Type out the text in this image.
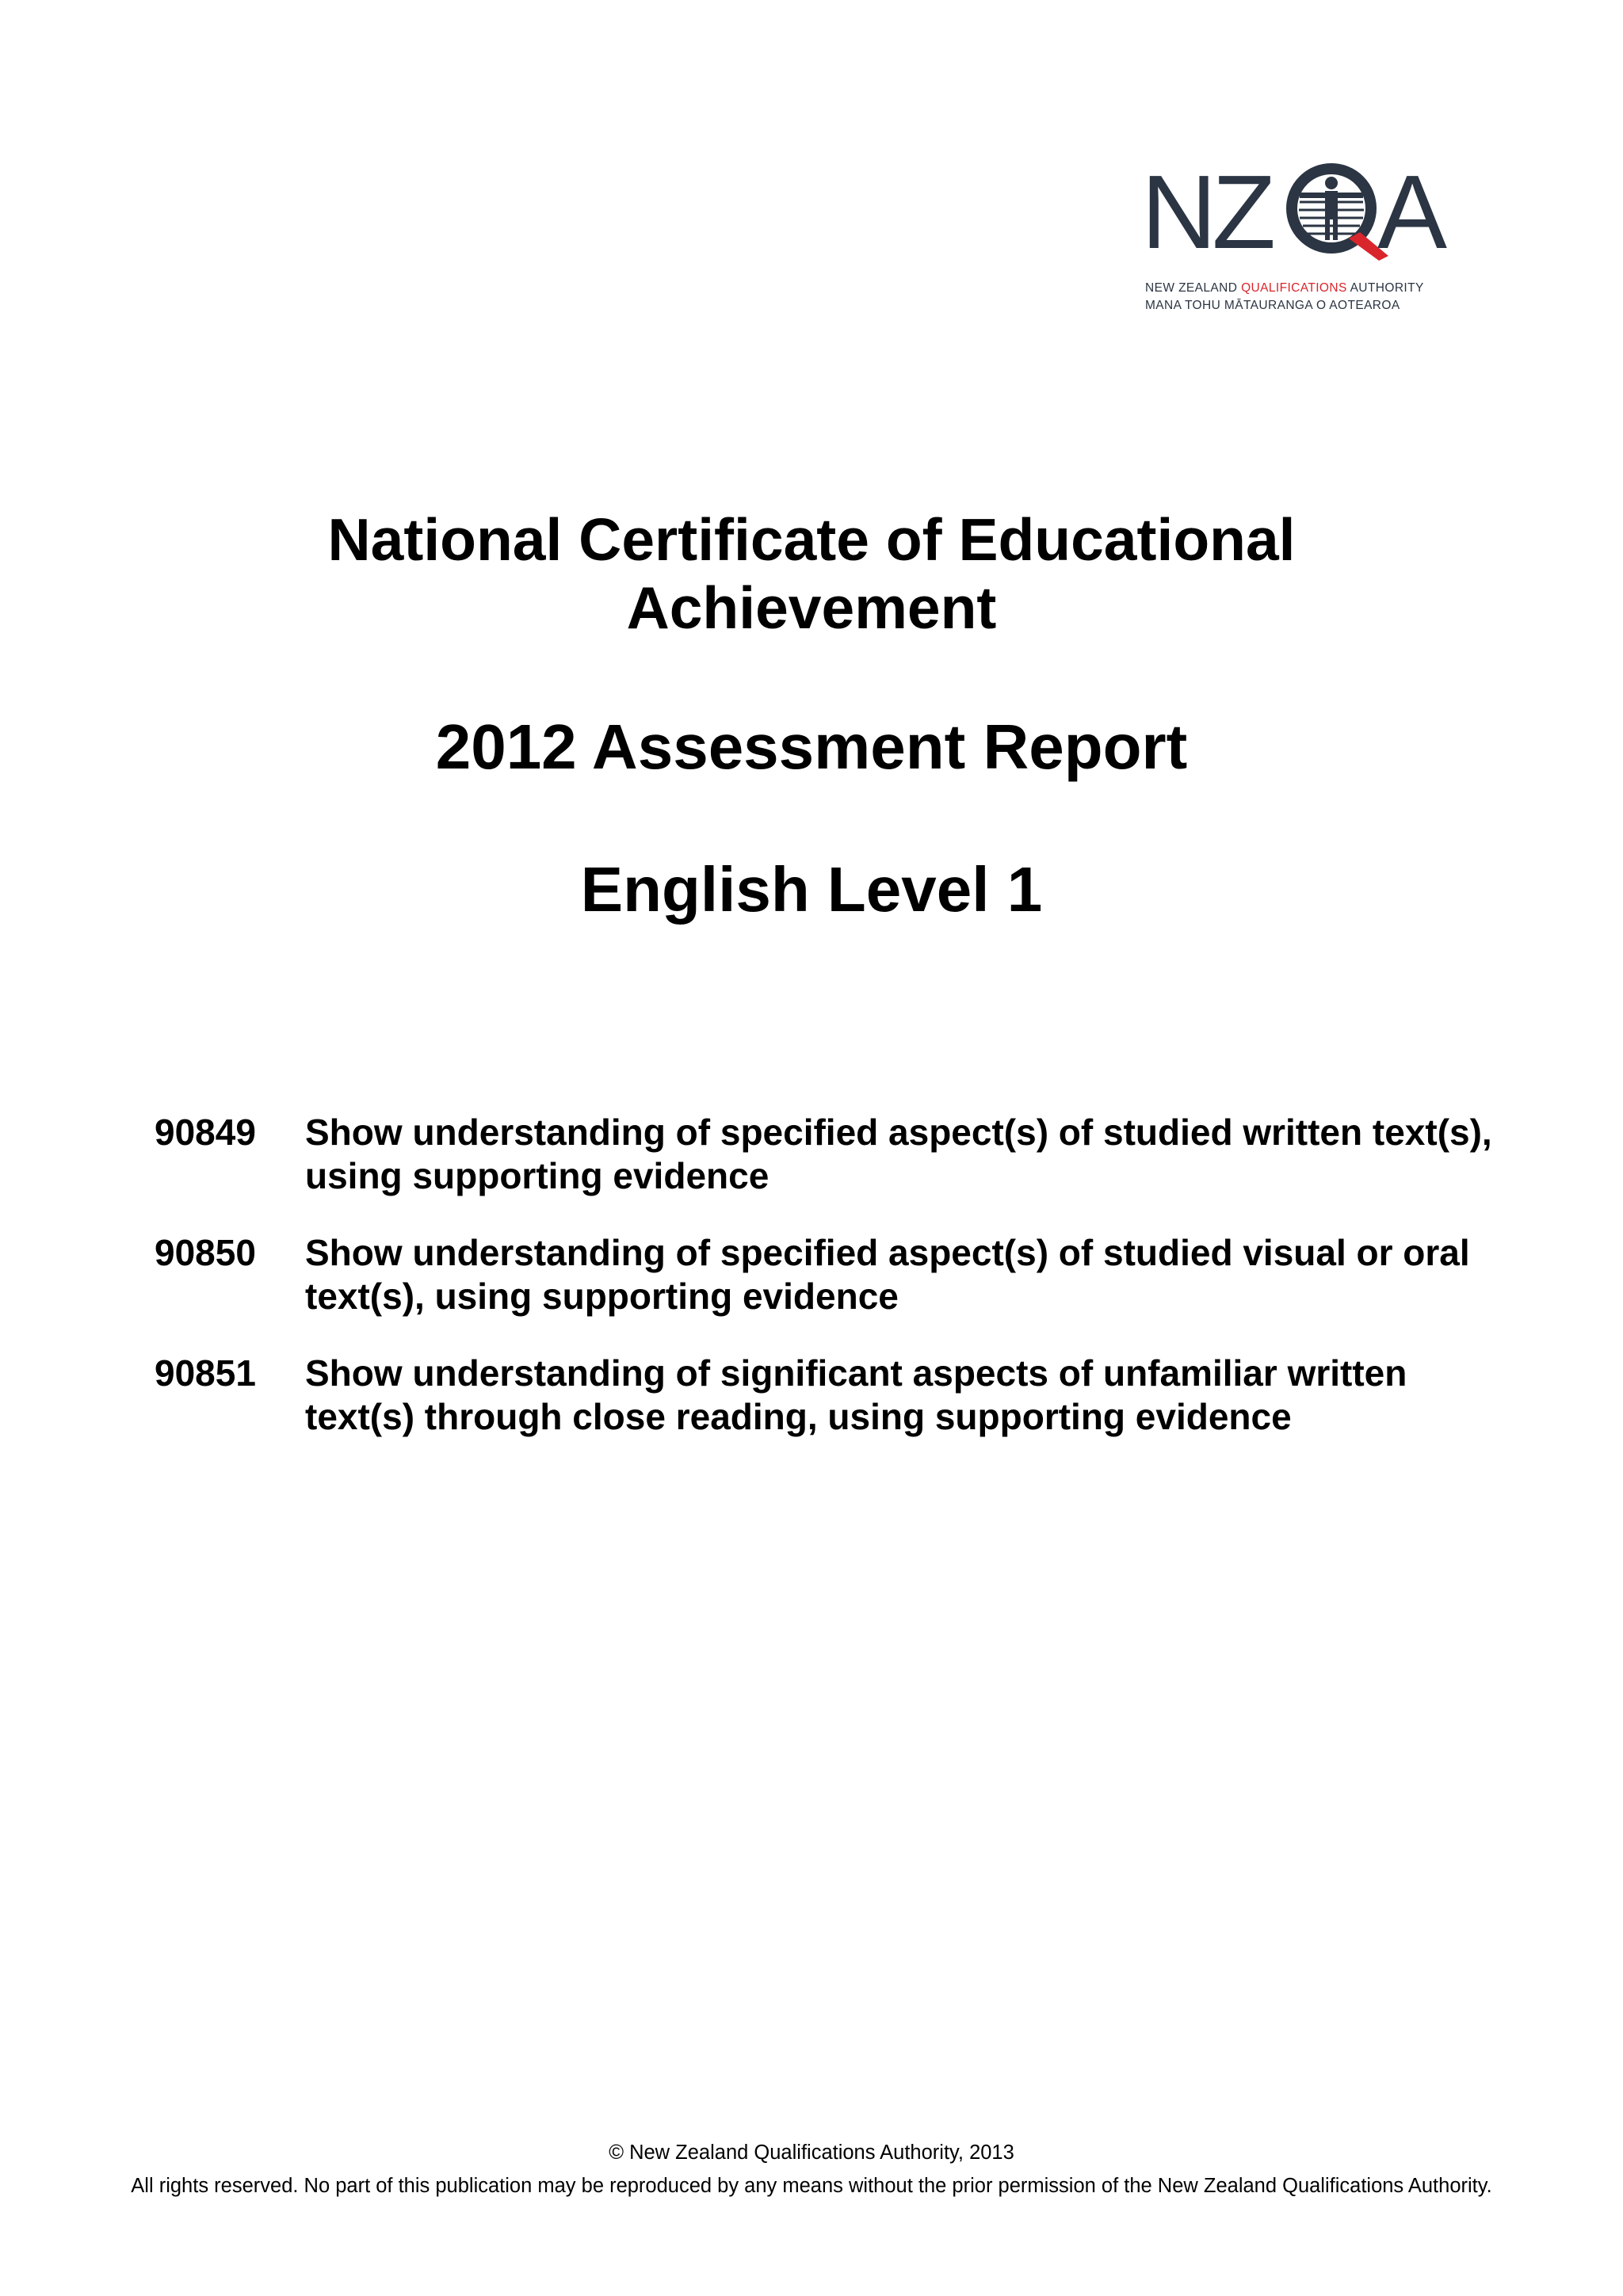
NZ A
NEW ZEALAND QUALIFICATIONS AUTHORITY
MANA TOHU MĀTAURANGA O AOTEAROA
National Certificate of Educational
Achievement
2012 Assessment Report
English Level 1
90849 Show understanding of specified aspect(s) of studied written text(s), using supporting evidence
90850 Show understanding of specified aspect(s) of studied visual or oral text(s), using supporting evidence
90851 Show understanding of significant aspects of unfamiliar written text(s) through close reading, using supporting evidence
© New Zealand Qualifications Authority, 2013
All rights reserved. No part of this publication may be reproduced by any means without the prior permission of the New Zealand Qualifications Authority.
